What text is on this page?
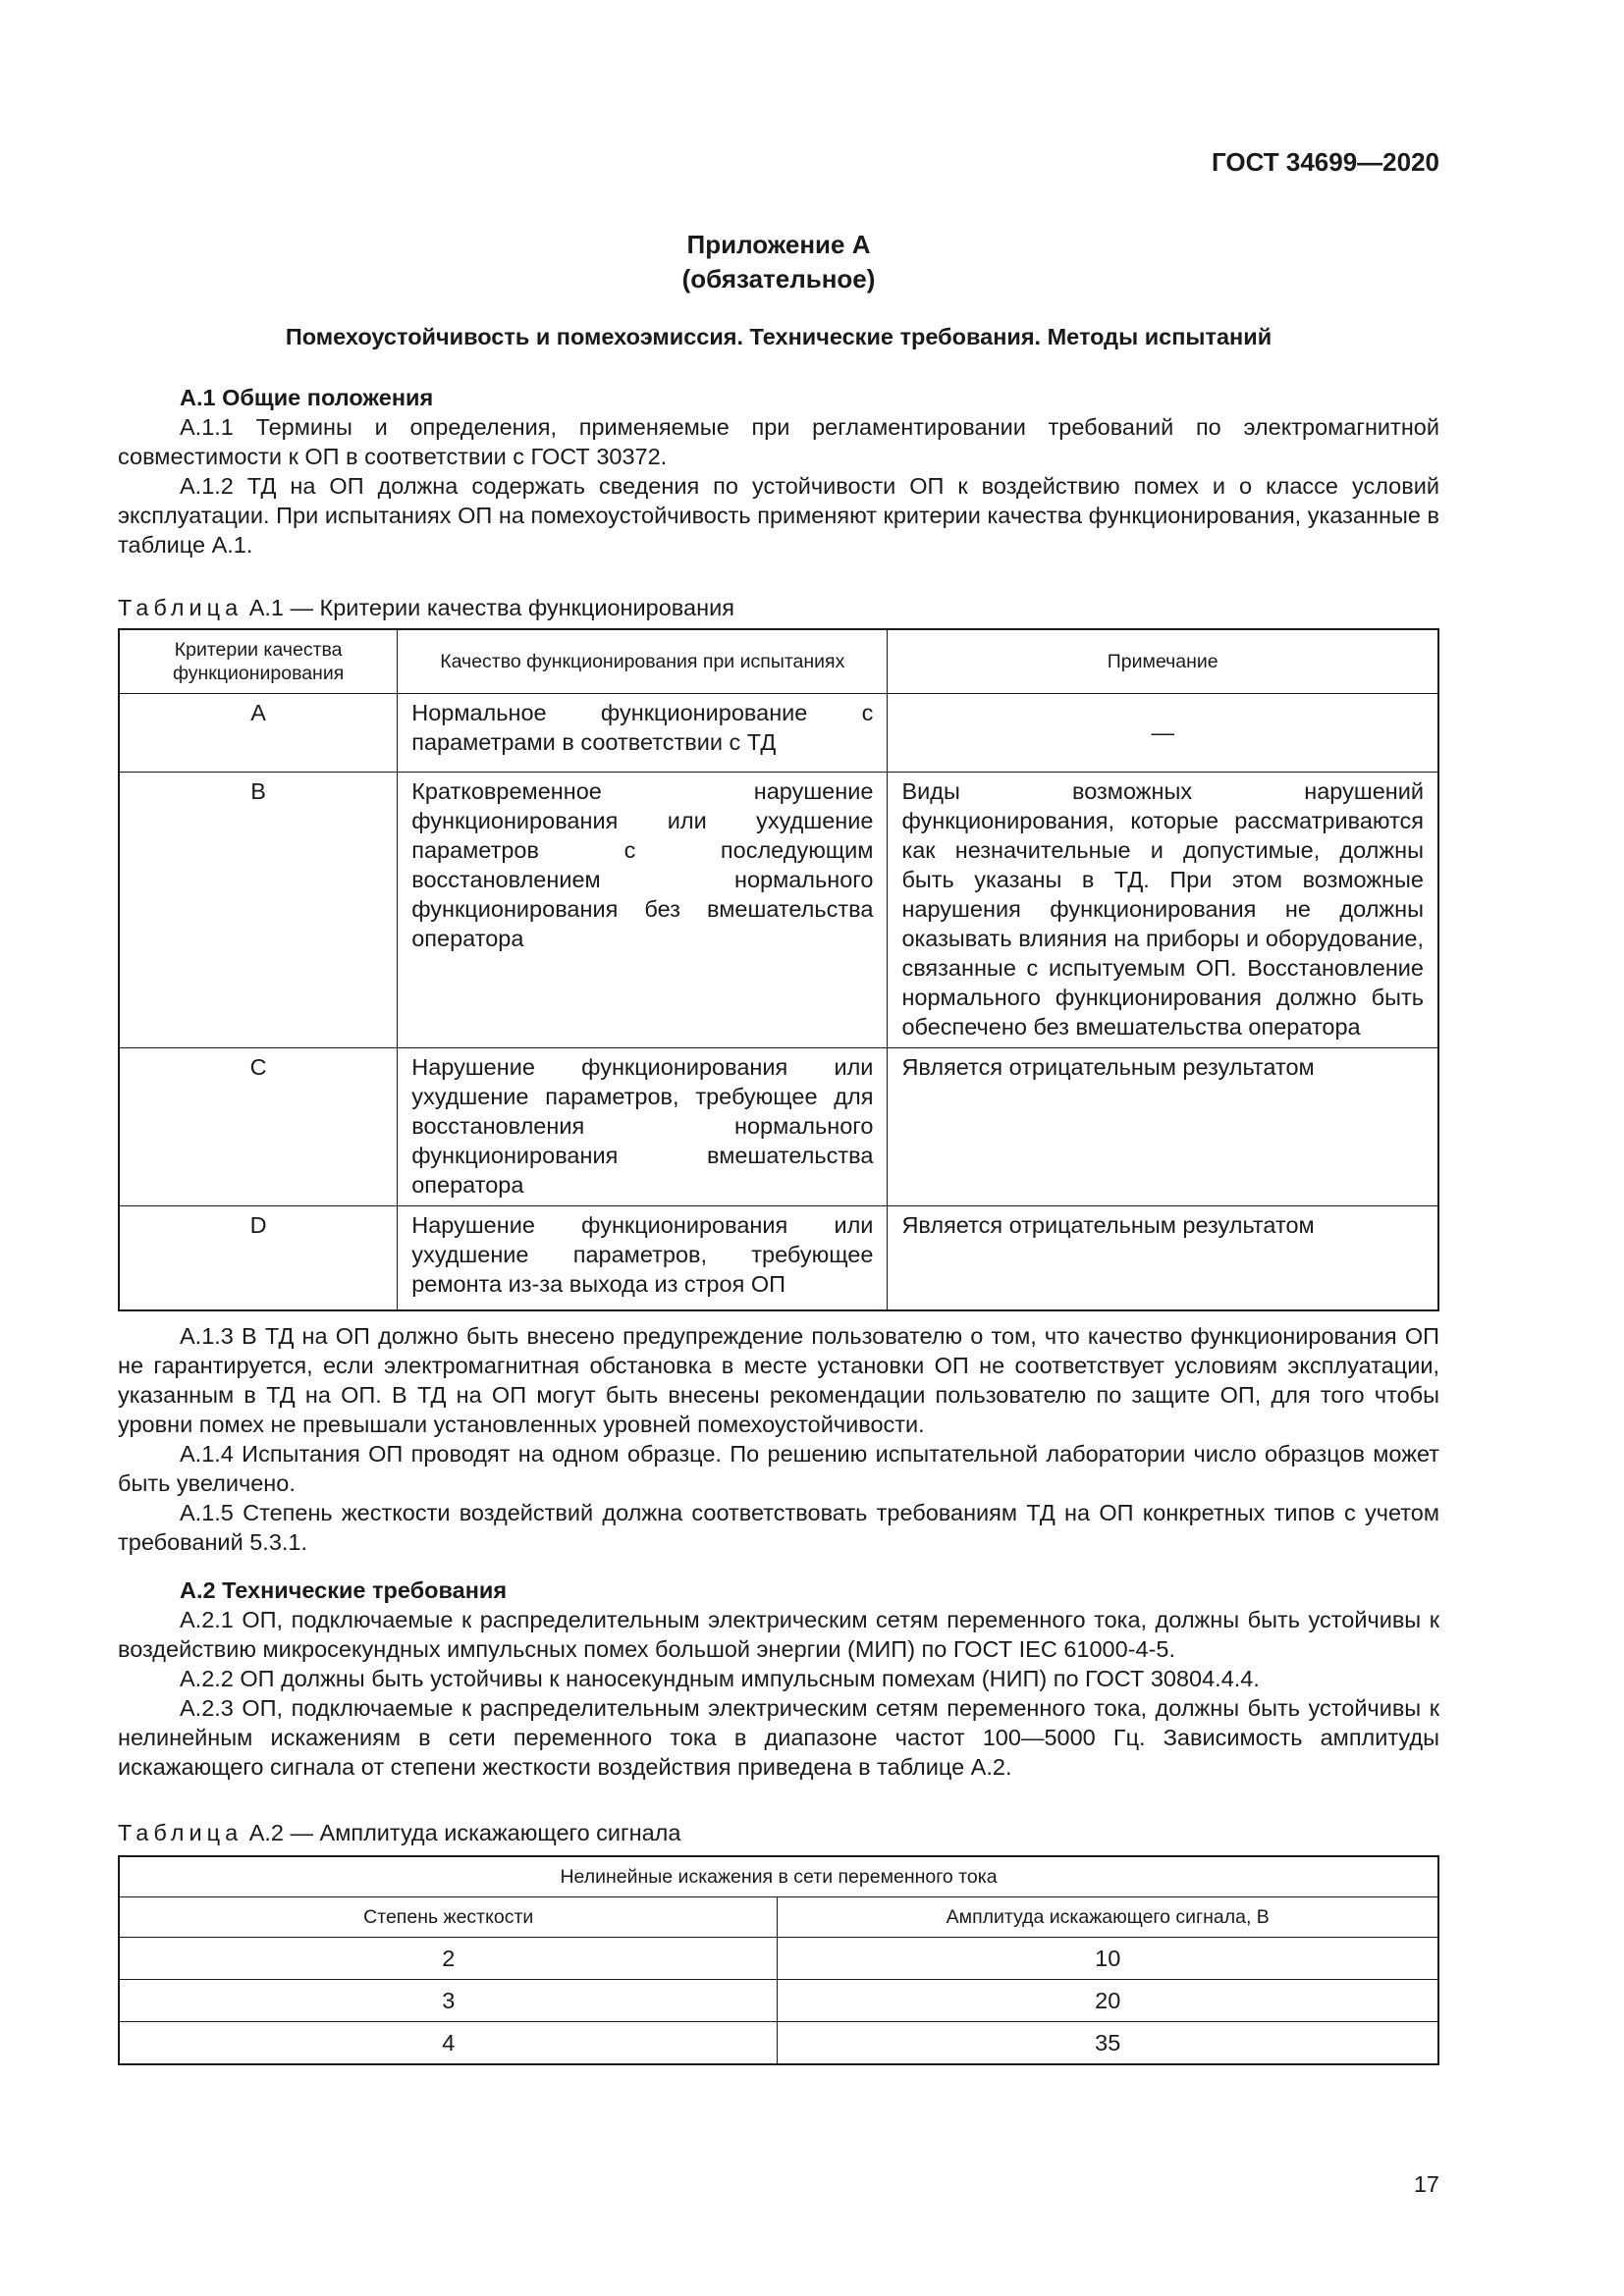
ГОСТ 34699—2020
Приложение А
(обязательное)
Помехоустойчивость и помехоэмиссия. Технические требования. Методы испытаний
А.1 Общие положения

А.1.1 Термины и определения, применяемые при регламентировании требований по электромагнитной совместимости к ОП в соответствии с ГОСТ 30372.

А.1.2 ТД на ОП должна содержать сведения по устойчивости ОП к воздействию помех и о классе условий эксплуатации. При испытаниях ОП на помехоустойчивость применяют критерии качества функционирования, указанные в таблице А.1.

Таблица А.1 — Критерии качества функционирования
Критерии качества функционирования	Качество функционирования при испытаниях	Примечание
А	Нормальное функционирование с параметрами в соответствии с ТД	—
В	Кратковременное нарушение функционирования или ухудшение параметров с последующим восстановлением нормального функционирования без вмешательства оператора	Виды возможных нарушений функционирования, которые рассматриваются как незначительные и допустимые, должны быть указаны в ТД. При этом возможные нарушения функционирования не должны оказывать влияния на приборы и оборудование, связанные с испытуемым ОП. Восстановление нормального функционирования должно быть обеспечено без вмешательства оператора
С	Нарушение функционирования или ухудшение параметров, требующее для восстановления нормального функционирования вмешательства оператора	Является отрицательным результатом
D	Нарушение функционирования или ухудшение параметров, требующее ремонта из-за выхода из строя ОП	Является отрицательным результатом

А.1.3 В ТД на ОП должно быть внесено предупреждение пользователю о том, что качество функционирования ОП не гарантируется, если электромагнитная обстановка в месте установки ОП не соответствует условиям эксплуатации, указанным в ТД на ОП. В ТД на ОП могут быть внесены рекомендации пользователю по защите ОП, для того чтобы уровни помех не превышали установленных уровней помехоустойчивости.

А.1.4 Испытания ОП проводят на одном образце. По решению испытательной лаборатории число образцов может быть увеличено.

А.1.5 Степень жесткости воздействий должна соответствовать требованиям ТД на ОП конкретных типов с учетом требований 5.3.1.

А.2 Технические требования

А.2.1 ОП, подключаемые к распределительным электрическим сетям переменного тока, должны быть устойчивы к воздействию микросекундных импульсных помех большой энергии (МИП) по ГОСТ IEC 61000-4-5.

А.2.2 ОП должны быть устойчивы к наносекундным импульсным помехам (НИП) по ГОСТ 30804.4.4.

А.2.3 ОП, подключаемые к распределительным электрическим сетям переменного тока, должны быть устойчивы к нелинейным искажениям в сети переменного тока в диапазоне частот 100—5000 Гц. Зависимость амплитуды искажающего сигнала от степени жесткости воздействия приведена в таблице А.2.

Таблица А.2 — Амплитуда искажающего сигнала
Нелинейные искажения в сети переменного тока	
Степень жесткости	Амплитуда искажающего сигнала, В
2	10
3	20
4	35
17
